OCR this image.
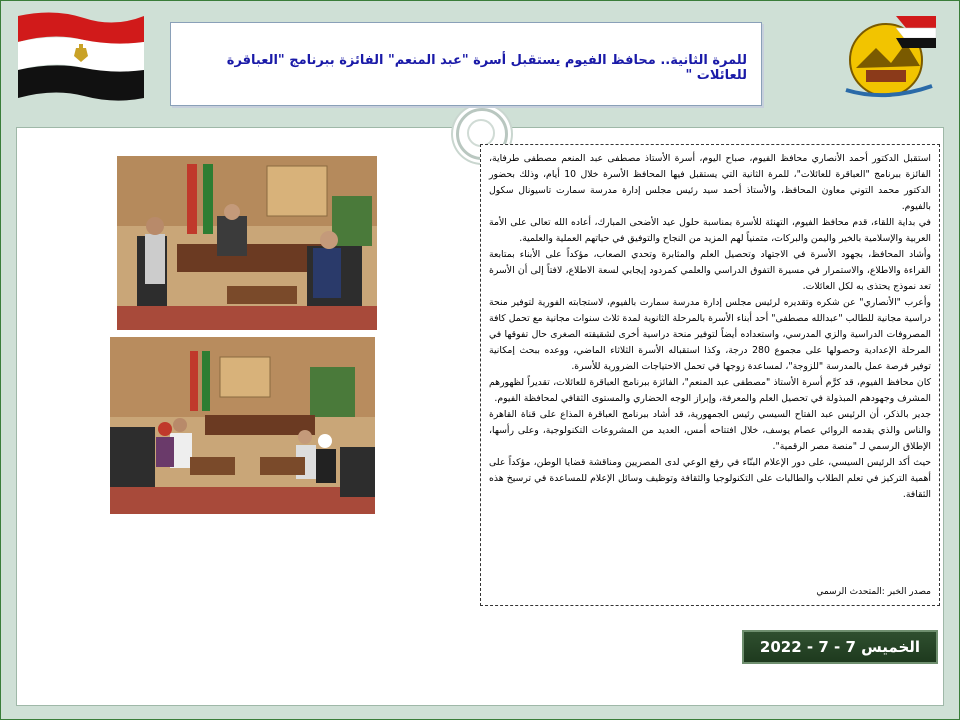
للمرة الثانية.. محافظ الفيوم يستقبل أسرة "عبد المنعم" الفائزة ببرنامج "العباقرة للعائلات "

استقبل الدكتور أحمد الأنصاري محافظ الفيوم، صباح اليوم، أسرة الأستاذ مصطفى عبد المنعم مصطفى طرفاية، الفائزة ببرنامج "العباقرة للعائلات"، للمرة الثانية التي يستقبل فيها المحافظ الأسرة خلال 10 أيام، وذلك بحضور الدكتور محمد التوني معاون المحافظ، والأستاذ أحمد سيد رئيس مجلس إدارة مدرسة سمارت تاسيونال سكول بالفيوم.

في بداية اللقاء، قدم محافظ الفيوم، التهنئة للأسرة بمناسبة حلول عيد الأضحى المبارك، أعاده الله تعالى على الأمة العربية والإسلامية بالخير واليمن والبركات، متمنياً لهم المزيد من النجاح والتوفيق في حياتهم العملية والعلمية.

وأشاد المحافظ، بجهود الأسرة في الاجتهاد وتحصيل العلم والمثابرة وتحدي الصعاب، مؤكداً على الأبناء بمتابعة القراءة والاطلاع، والاستمرار في مسيرة التفوق الدراسي والعلمي كمردود إيجابي لسعة الاطلاع، لافتاً إلى أن الأسرة تعد نموذج يحتذى به لكل العائلات.

وأعرب "الأنصاري" عن شكره وتقديره لرئيس مجلس إدارة مدرسة سمارت بالفيوم، لاستجابته الفورية لتوفير منحة دراسية مجانية للطالب "عبدالله مصطفى" أحد أبناء الأسرة بالمرحلة الثانوية لمدة ثلاث سنوات مجانية مع تحمل كافة المصروفات الدراسية والزي المدرسي، واستعداده أيضاً لتوفير منحة دراسية أخرى لشقيقته الصغرى حال تفوقها في المرحلة الإعدادية وحصولها على مجموع 280 درجة، وكذا استقباله الأسرة الثلاثاء الماضي، ووعده ببحث إمكانية توفير فرصة عمل بالمدرسة "للزوجة"، لمساعدة زوجها في تحمل الاحتياجات الضرورية للأسرة.

كان محافظ الفيوم، قد كرَّم أسرة الأستاذ "مصطفى عبد المنعم"، الفائزة ببرنامج العباقرة للعائلات، تقديراً لظهورهم المشرف وجهودهم المبذولة في تحصيل العلم والمعرفة، وإبراز الوجه الحضاري والمستوى الثقافي لمحافظة الفيوم.

جدير بالذكر، أن الرئيس عبد الفتاح السيسي رئيس الجمهورية، قد أشاد ببرنامج العباقرة المذاع على قناة القاهرة والناس والذي يقدمه الروائي عصام يوسف، خلال افتتاحه أمس، العديد من المشروعات التكنولوجية، وعلى رأسها، الإطلاق الرسمي لـ "منصة مصر الرقمية".

حيث أكد الرئيس السيسي، على دور الإعلام البنّاء في رفع الوعي لدى المصريين ومناقشة قضايا الوطن، مؤكداً على أهمية التركيز في تعلم الطلاب والطالبات على التكنولوجيا والثقافة وتوظيف وسائل الإعلام للمساعدة في ترسيخ هذه الثقافة.

مصدر الخبر :المتحدث الرسمي
الخميس 7 - 7 - 2022
